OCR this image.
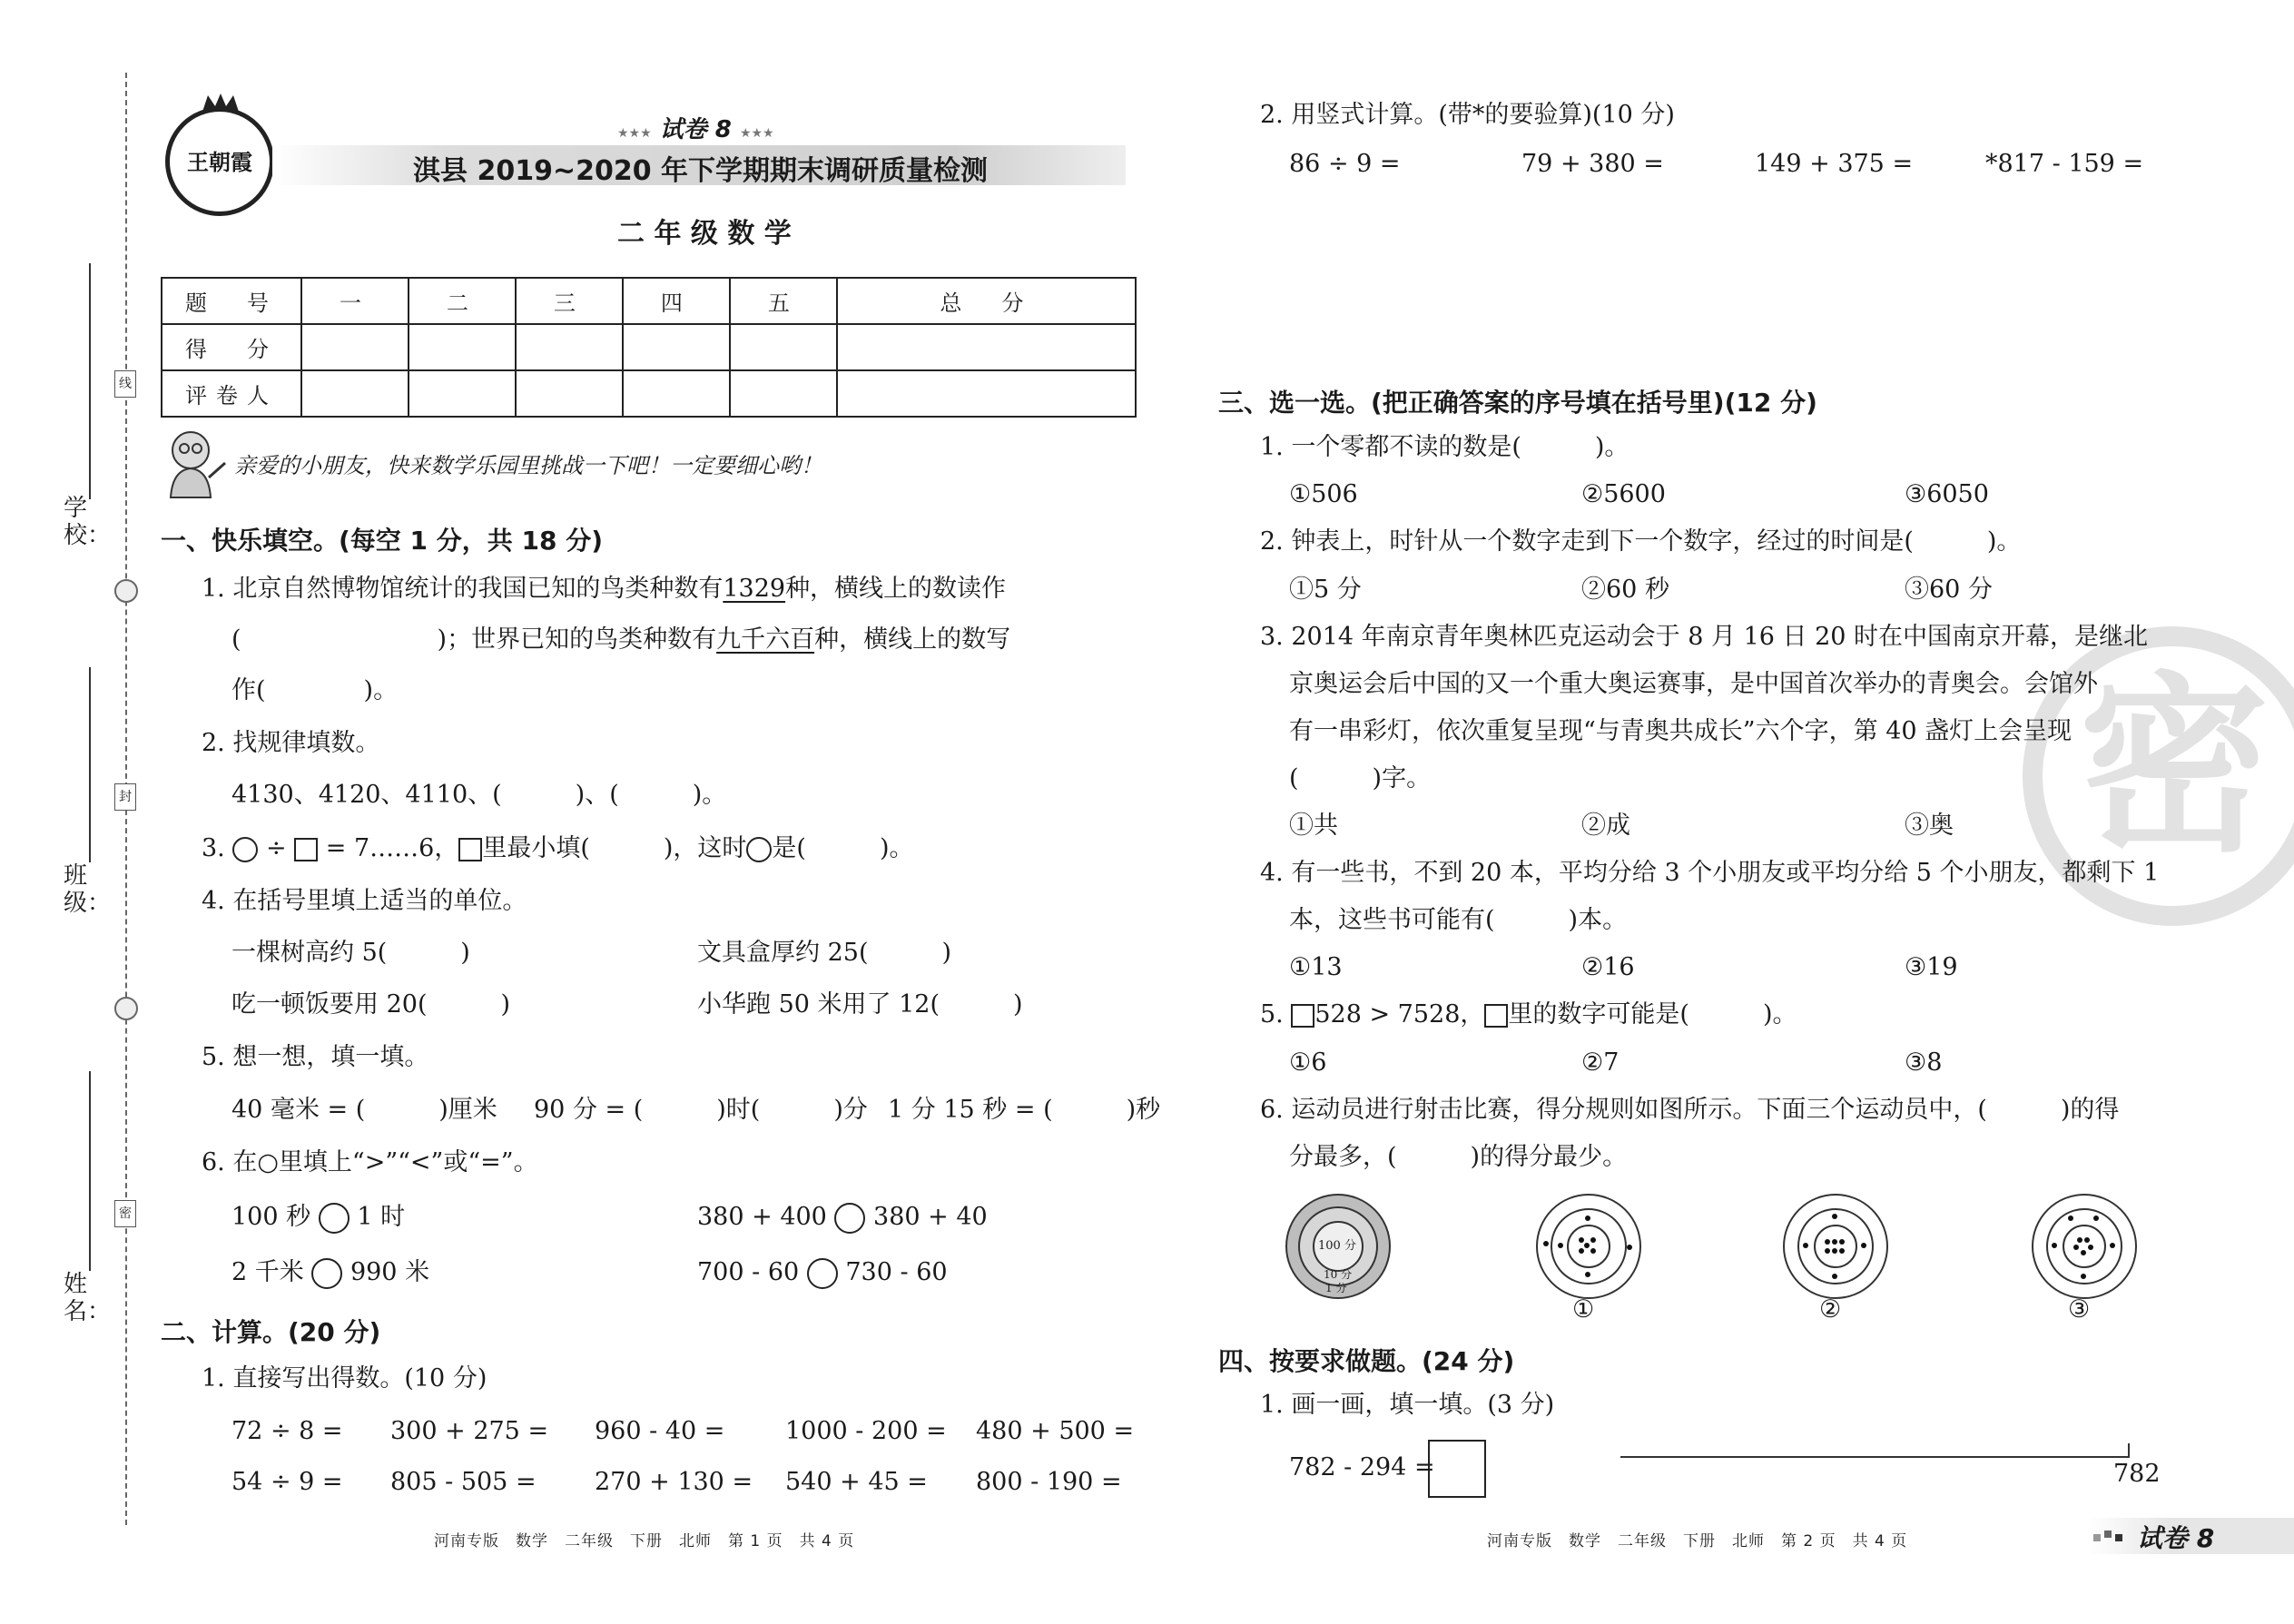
学校：
班级：
姓名：
线
封
密
王朝霞
★★★ 试卷 8 ★★★
淇县 2019~2020 年下学期期末调研质量检测
二 年 级 数 学
题　号	一	二	三	四	五	总　分
得　分						
评卷人						
亲爱的小朋友，快来数学乐园里挑战一下吧！一定要细心哟！
一、快乐填空。(每空 1 分，共 18 分)
1. 北京自然博物馆统计的我国已知的鸟类种数有1329种，横线上的数读作
(　　　　　　　　)；世界已知的鸟类种数有九千六百种，横线上的数写
作(　　　　)。
2. 找规律填数。
4130、4120、4110、(　　　)、(　　　)。
3. ÷ = 7……6， 里最小填(　　　)，这时 是(　　　)。
4. 在括号里填上适当的单位。
一棵树高约 5(　　　)	文具盒厚约 25(　　　)
吃一顿饭要用 20(　　　)	小华跑 50 米用了 12(　　　)
5. 想一想，填一填。
40 毫米 = (　　　)厘米 90 分 = (　　　)时(　　　)分 1 分 15 秒 = (　　　)秒
6. 在○里填上“>”“<”或“=”。
100 秒 1 时	380 + 400 380 + 40
2 千米 990 米	700 - 60 730 - 60
二、计算。(20 分)
1. 直接写出得数。(10 分)
72 ÷ 8 = 300 + 275 = 960 - 40 = 1000 - 200 = 480 + 500 =
54 ÷ 9 = 805 - 505 = 270 + 130 = 540 + 45 = 800 - 190 =
河南专版　数学　二年级　下册　北师　第 1 页　共 4 页
2. 用竖式计算。(带*的要验算)(10 分)
86 ÷ 9 =	79 + 380 =	149 + 375 =	*817 - 159 =
密
三、选一选。(把正确答案的序号填在括号里)(12 分)
1. 一个零都不读的数是(　　　)。
①506	②5600	③6050
2. 钟表上，时针从一个数字走到下一个数字，经过的时间是(　　　)。
①5 分	②60 秒	③60 分
3. 2014 年南京青年奥林匹克运动会于 8 月 16 日 20 时在中国南京开幕，是继北
京奥运会后中国的又一个重大奥运赛事，是中国首次举办的青奥会。会馆外
有一串彩灯，依次重复呈现“与青奥共成长”六个字，第 40 盏灯上会呈现
(　　　)字。
①共	②成	③奥
4. 有一些书，不到 20 本，平均分给 3 个小朋友或平均分给 5 个小朋友，都剩下 1
本，这些书可能有(　　　)本。
①13	②16	③19
5. 528 > 7528， 里的数字可能是(　　　)。
①6	②7	③8
6. 运动员进行射击比赛，得分规则如图所示。下面三个运动员中，(　　　)的得
分最多，(　　　)的得分最少。
100 分
10 分
1 分
①	②	③
四、按要求做题。(24 分)
1. 画一画，填一填。(3 分)
782 - 294 =	782
河南专版　数学　二年级　下册　北师　第 2 页　共 4 页	试卷 8
